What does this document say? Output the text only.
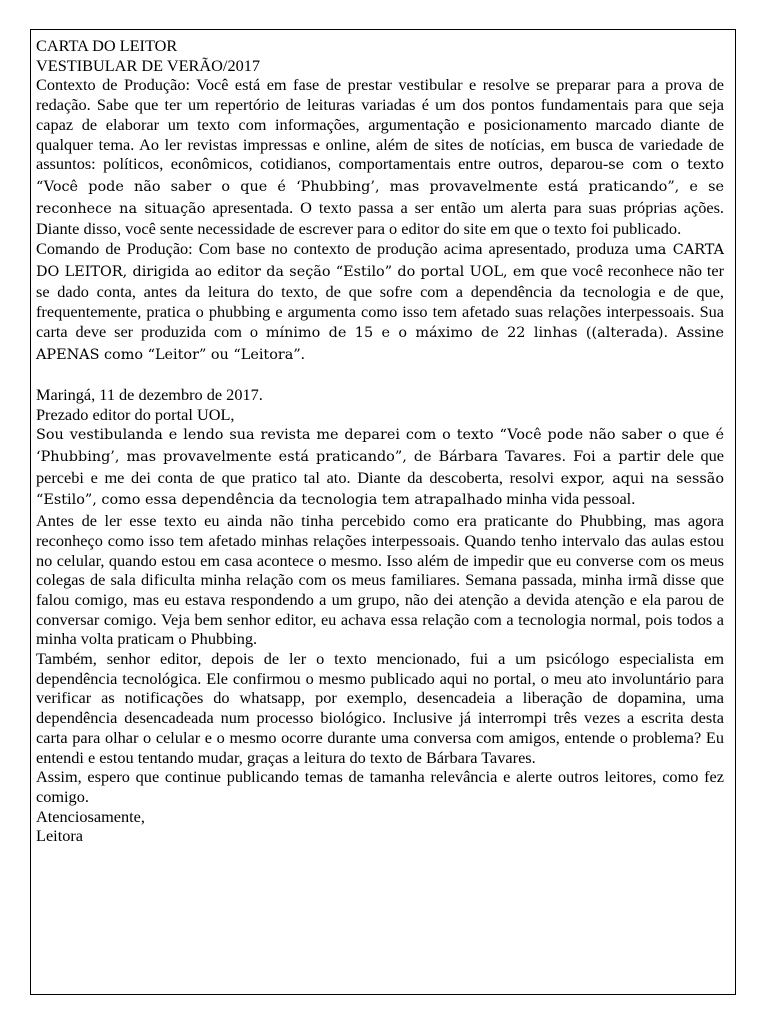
CARTA DO LEITOR

VESTIBULAR DE VERÃO/2017

Contexto de Produção: Você está em fase de prestar vestibular e resolve se preparar para a prova de redação. Sabe que ter um repertório de leituras variadas é um dos pontos fundamentais para que seja capaz de elaborar um texto com informações, argumentação e posicionamento marcado diante de qualquer tema. Ao ler revistas impressas e online, além de sites de notícias, em busca de variedade de assuntos: políticos, econômicos, cotidianos, comportamentais entre outros, deparou-se com o texto “Você pode não saber o que é ‘Phubbing’, mas provavelmente está praticando”, e se reconhece na situação apresentada. O texto passa a ser então um alerta para suas próprias ações. Diante disso, você sente necessidade de escrever para o editor do site em que o texto foi publicado.

Comando de Produção: Com base no contexto de produção acima apresentado, produza uma CARTA DO LEITOR, dirigida ao editor da seção “Estilo” do portal UOL, em que você reconhece não ter se dado conta, antes da leitura do texto, de que sofre com a dependência da tecnologia e de que, frequentemente, pratica o phubbing e argumenta como isso tem afetado suas relações interpessoais. Sua carta deve ser produzida com o mínimo de 15 e o máximo de 22 linhas ((alterada). Assine APENAS como “Leitor” ou “Leitora”.

Maringá, 11 de dezembro de 2017.

Prezado editor do portal UOL,

Sou vestibulanda e lendo sua revista me deparei com o texto “Você pode não saber o que é ‘Phubbing’, mas provavelmente está praticando”, de Bárbara Tavares. Foi a partir dele que percebi e me dei conta de que pratico tal ato. Diante da descoberta, resolvi expor, aqui na sessão “Estilo”, como essa dependência da tecnologia tem atrapalhado minha vida pessoal.

Antes de ler esse texto eu ainda não tinha percebido como era praticante do Phubbing, mas agora reconheço como isso tem afetado minhas relações interpessoais. Quando tenho intervalo das aulas estou no celular, quando estou em casa acontece o mesmo. Isso além de impedir que eu converse com os meus colegas de sala dificulta minha relação com os meus familiares. Semana passada, minha irmã disse que falou comigo, mas eu estava respondendo a um grupo, não dei atenção a devida atenção e ela parou de conversar comigo. Veja bem senhor editor, eu achava essa relação com a tecnologia normal, pois todos a minha volta praticam o Phubbing.

Também, senhor editor, depois de ler o texto mencionado, fui a um psicólogo especialista em dependência tecnológica. Ele confirmou o mesmo publicado aqui no portal, o meu ato involuntário para verificar as notificações do whatsapp, por exemplo, desencadeia a liberação de dopamina, uma dependência desencadeada num processo biológico. Inclusive já interrompi três vezes a escrita desta carta para olhar o celular e o mesmo ocorre durante uma conversa com amigos, entende o problema? Eu entendi e estou tentando mudar, graças a leitura do texto de Bárbara Tavares.

Assim, espero que continue publicando temas de tamanha relevância e alerte outros leitores, como fez comigo.

Atenciosamente,

Leitora
